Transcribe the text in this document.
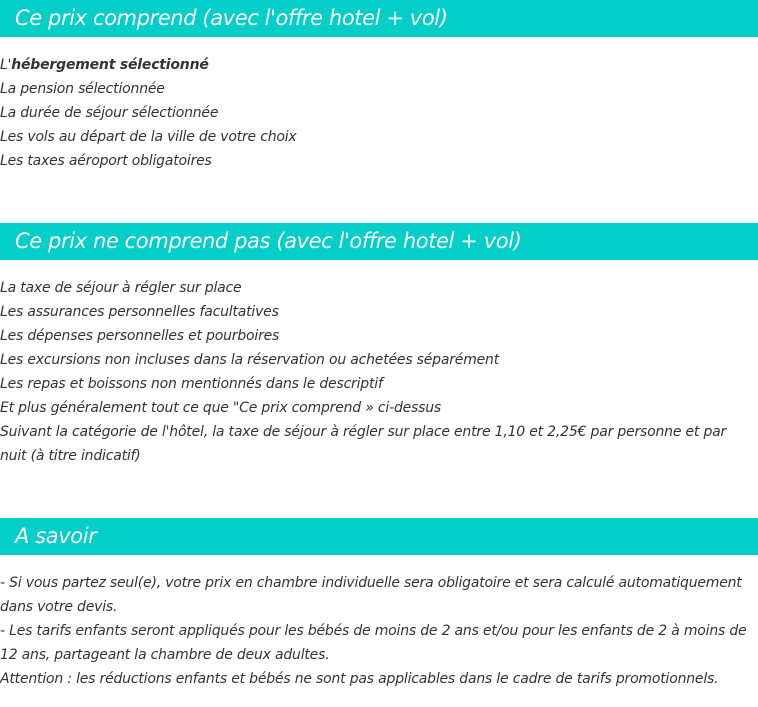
Ce prix comprend (avec l'offre hotel + vol)
L'hébergement sélectionné
La pension sélectionnée
La durée de séjour sélectionnée
Les vols au départ de la ville de votre choix
Les taxes aéroport obligatoires
Ce prix ne comprend pas (avec l'offre hotel + vol)
La taxe de séjour à régler sur place
Les assurances personnelles facultatives
Les dépenses personnelles et pourboires
Les excursions non incluses dans la réservation ou achetées séparément
Les repas et boissons non mentionnés dans le descriptif
Et plus généralement tout ce que "Ce prix comprend » ci-dessus
Suivant la catégorie de l'hôtel, la taxe de séjour à régler sur place entre 1,10 et 2,25€ par personne et par nuit (à titre indicatif)
A savoir
- Si vous partez seul(e), votre prix en chambre individuelle sera obligatoire et sera calculé automatiquement dans votre devis.
- Les tarifs enfants seront appliqués pour les bébés de moins de 2 ans et/ou pour les enfants de 2 à moins de 12 ans, partageant la chambre de deux adultes.
Attention : les réductions enfants et bébés ne sont pas applicables dans le cadre de tarifs promotionnels.
